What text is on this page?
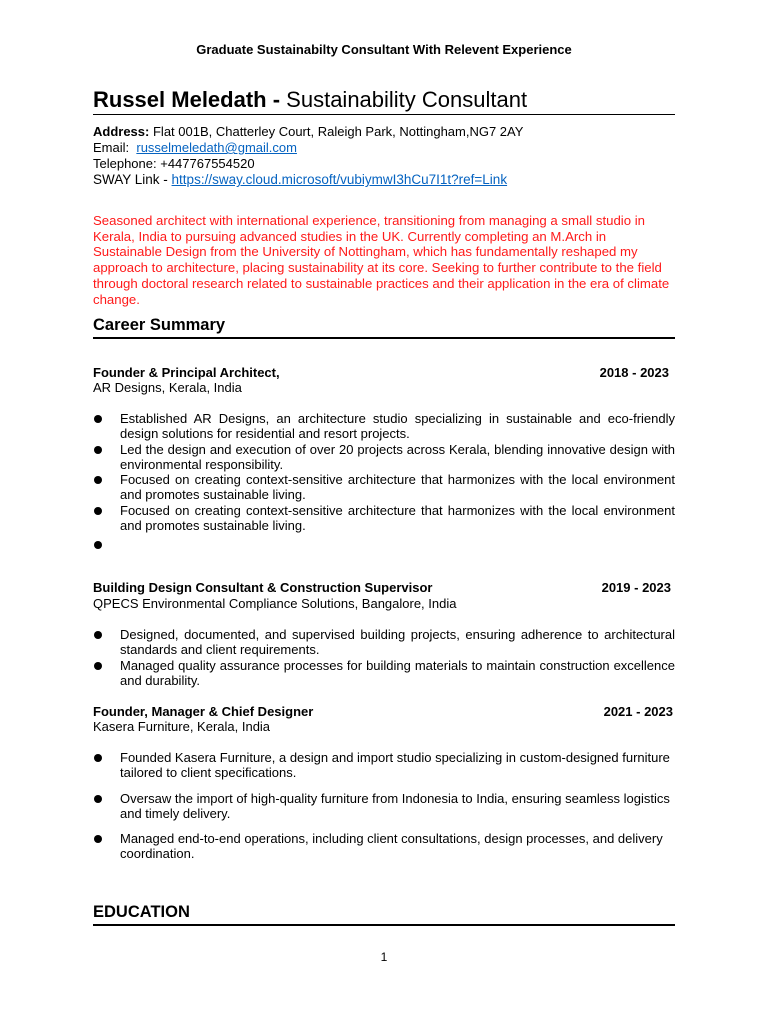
Graduate Sustainabilty Consultant With Relevent Experience
Russel Meledath - Sustainability Consultant
Address: Flat 001B, Chatterley Court, Raleigh Park, Nottingham,NG7 2AY
Email: russelmeledath@gmail.com
Telephone: +447767554520
SWAY Link - https://sway.cloud.microsoft/vubiymwI3hCu7I1t?ref=Link
Seasoned architect with international experience, transitioning from managing a small studio in Kerala, India to pursuing advanced studies in the UK. Currently completing an M.Arch in Sustainable Design from the University of Nottingham, which has fundamentally reshaped my approach to architecture, placing sustainability at its core. Seeking to further contribute to the field through doctoral research related to sustainable practices and their application in the era of climate change.
Career Summary
Founder & Principal Architect,	2018 - 2023
AR Designs, Kerala, India
Established AR Designs, an architecture studio specializing in sustainable and eco-friendly design solutions for residential and resort projects.
Led the design and execution of over 20 projects across Kerala, blending innovative design with environmental responsibility.
Focused on creating context-sensitive architecture that harmonizes with the local environment and promotes sustainable living.
Focused on creating context-sensitive architecture that harmonizes with the local environment and promotes sustainable living.
Building Design Consultant & Construction Supervisor	2019 - 2023
QPECS Environmental Compliance Solutions, Bangalore, India
Designed, documented, and supervised building projects, ensuring adherence to architectural standards and client requirements.
Managed quality assurance processes for building materials to maintain construction excellence and durability.
Founder, Manager & Chief Designer	2021 - 2023
Kasera Furniture, Kerala, India
Founded Kasera Furniture, a design and import studio specializing in custom-designed furniture tailored to client specifications.
Oversaw the import of high-quality furniture from Indonesia to India, ensuring seamless logistics and timely delivery.
Managed end-to-end operations, including client consultations, design processes, and delivery coordination.
EDUCATION
1
